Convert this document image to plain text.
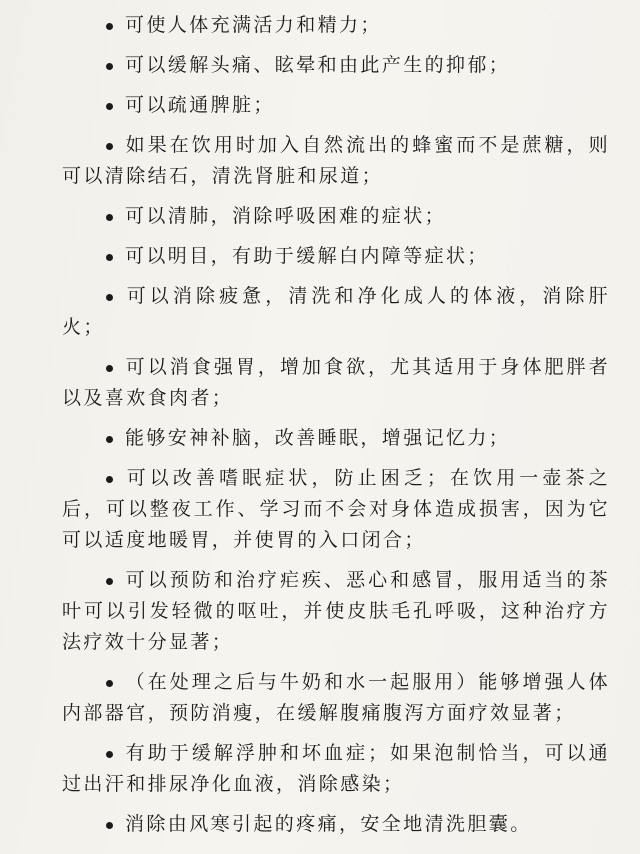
可使人体充满活力和精力；
可以缓解头痛、眩晕和由此产生的抑郁；
可以疏通脾脏；
如果在饮用时加入自然流出的蜂蜜而不是蔗糖，则可以清除结石，清洗肾脏和尿道；
可以清肺，消除呼吸困难的症状；
可以明目，有助于缓解白内障等症状；
可以消除疲惫，清洗和净化成人的体液，消除肝火；
可以消食强胃，增加食欲，尤其适用于身体肥胖者以及喜欢食肉者；
能够安神补脑，改善睡眠，增强记忆力；
可以改善嗜眠症状，防止困乏；在饮用一壶茶之后，可以整夜工作、学习而不会对身体造成损害，因为它可以适度地暖胃，并使胃的入口闭合；
可以预防和治疗疟疾、恶心和感冒，服用适当的茶叶可以引发轻微的呕吐，并使皮肤毛孔呼吸，这种治疗方法疗效十分显著；
（在处理之后与牛奶和水一起服用）能够增强人体内部器官，预防消瘦，在缓解腹痛腹泻方面疗效显著；
有助于缓解浮肿和坏血症；如果泡制恰当，可以通过出汗和排尿净化血液，消除感染；
消除由风寒引起的疼痛，安全地清洗胆囊。
